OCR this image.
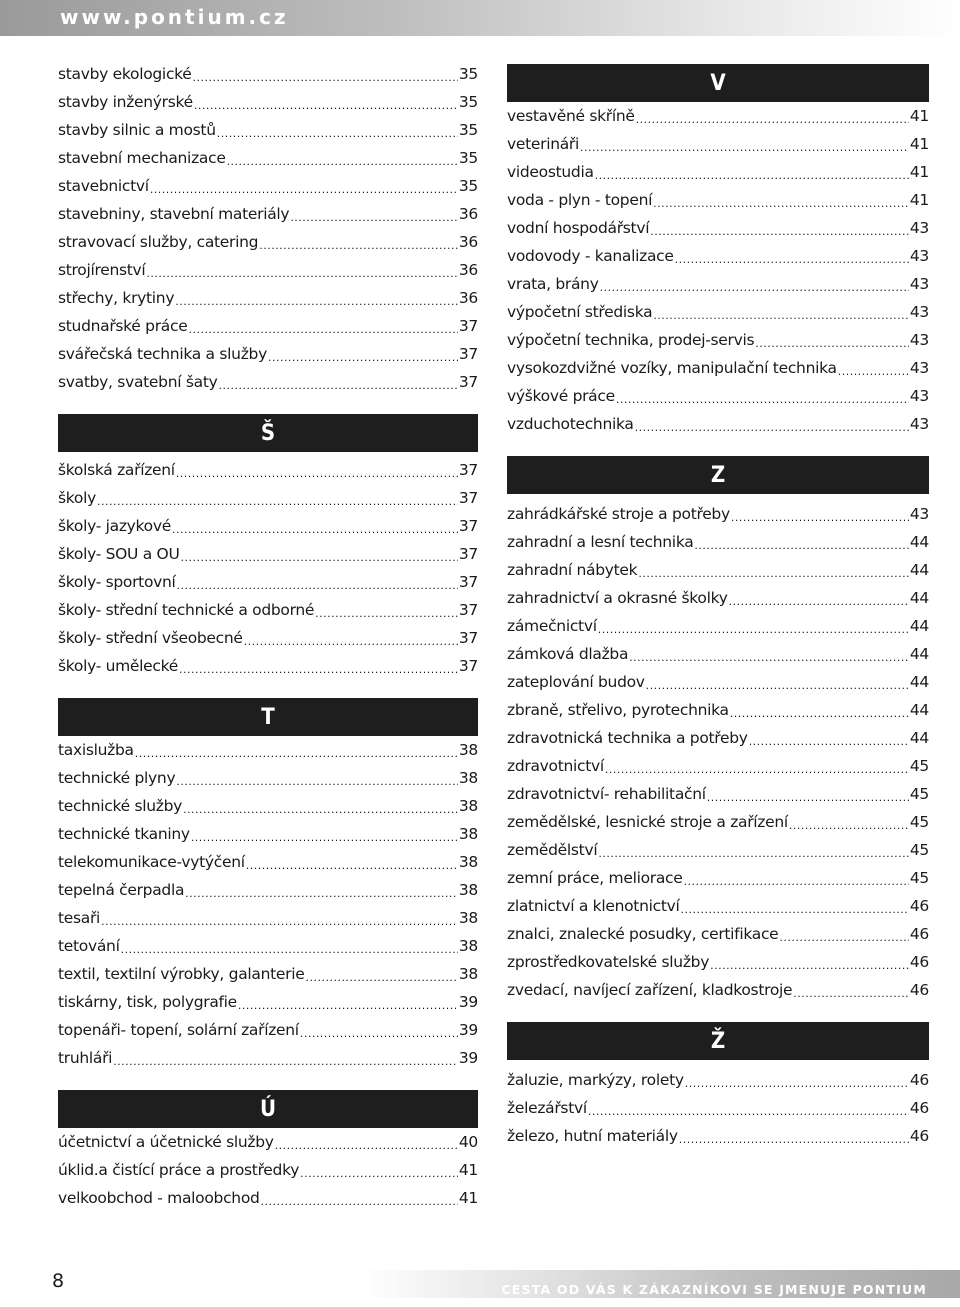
www.pontium.cz
stavby ekologické .....	35
stavby inženýrské .....	35
stavby silnic a mostů .....	35
stavební mechanizace .....	35
stavebnictví .....	35
stavebniny, stavební materiály .....	36
stravovací služby, catering .....	36
strojírenství .....	36
střechy, krytiny .....	36
studnařské práce .....	37
svářečská technika a služby .....	37
svatby, svatební šaty .....	37
Š
školská zařízení .....	37
školy .....	37
školy- jazykové .....	37
školy- SOU a OU .....	37
školy- sportovní .....	37
školy- střední technické a odborné .....	37
školy- střední všeobecné .....	37
školy- umělecké .....	37
T
taxislužba .....	38
technické plyny .....	38
technické služby .....	38
technické tkaniny .....	38
telekomunikace-vytýčení .....	38
tepelná čerpadla .....	38
tesaři .....	38
tetování .....	38
textil, textilní výrobky, galanterie .....	38
tiskárny, tisk, polygrafie .....	39
topenáři- topení, solární zařízení .....	39
truhláři .....	39
Ú
účetnictví a účetnické služby .....	40
úklid.a čistící práce a prostředky .....	41
velkoobchod - maloobchod .....	41
V
vestavěné skříně .....	41
veterináři .....	41
videostudia .....	41
voda - plyn - topení .....	41
vodní hospodářství .....	43
vodovody - kanalizace .....	43
vrata, brány .....	43
výpočetní střediska .....	43
výpočetní technika, prodej-servis .....	43
vysokozdvižné vozíky, manipulační technika .....	43
výškové práce .....	43
vzduchotechnika .....	43
Z
zahrádkářské stroje a potřeby .....	43
zahradní a lesní technika .....	44
zahradní nábytek .....	44
zahradnictví a okrasné školky .....	44
zámečnictví .....	44
zámková dlažba .....	44
zateplování budov .....	44
zbraně, střelivo, pyrotechnika .....	44
zdravotnická technika a potřeby .....	44
zdravotnictví .....	45
zdravotnictví- rehabilitační .....	45
zemědělské, lesnické stroje a zařízení .....	45
zemědělství .....	45
zemní práce, meliorace .....	45
zlatnictví a klenotnictví .....	46
znalci, znalecké posudky, certifikace .....	46
zprostředkovatelské služby .....	46
zvedací, navíjecí zařízení, kladkostroje .....	46
Ž
žaluzie, markýzy, rolety .....	46
železářství .....	46
železo, hutní materiály .....	46
8	CESTA OD VÁS K ZÁKAZNÍKOVI SE JMENUJE PONTIUM
